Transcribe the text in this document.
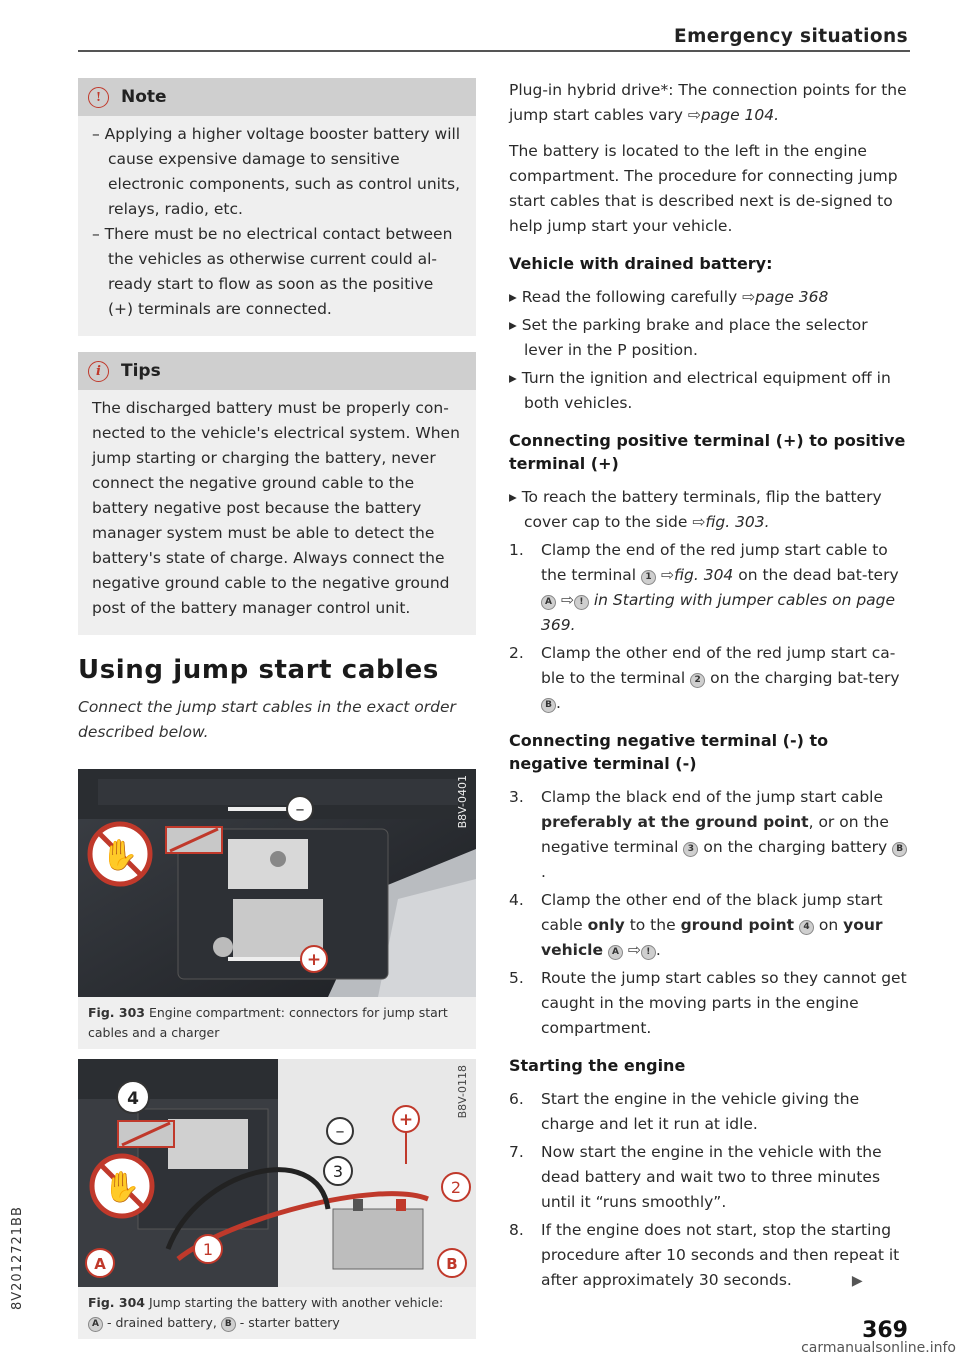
Emergency situations
!	Note
– Applying a higher voltage booster battery will cause expensive damage to sensitive electronic components, such as control units, relays, radio, etc.
– There must be no electrical contact between the vehicles as otherwise current could al-ready start to flow as soon as the positive (+) terminals are connected.
i	Tips
The discharged battery must be properly con-nected to the vehicle's electrical system. When jump starting or charging the battery, never connect the negative ground cable to the battery negative post because the battery manager system must be able to detect the battery's state of charge. Always connect the negative ground cable to the negative ground post of the battery manager control unit.
Using jump start cables
Connect the jump start cables in the exact order described below.
–
+
✋
B8V-0401
Fig. 303 Engine compartment: connectors for jump start cables and a charger
4
✋
–
+
3
2
1
A	B
B8V-0118
Fig. 304 Jump starting the battery with another vehicle:
A - drained battery, B - starter battery
Plug-in hybrid drive*: The connection points for the jump start cables vary ⇨page 104.
The battery is located to the left in the engine compartment. The procedure for connecting jump start cables that is described next is de-signed to help jump start your vehicle.
Vehicle with drained battery:
▸ Read the following carefully ⇨page 368
▸ Set the parking brake and place the selector lever in the P position.
▸ Turn the ignition and electrical equipment off in both vehicles.
Connecting positive terminal (+) to positive terminal (+)
▸ To reach the battery terminals, flip the battery cover cap to the side ⇨fig. 303.
1.	Clamp the end of the red jump start cable to the terminal 1 ⇨fig. 304 on the dead bat-tery A ⇨ ! in Starting with jumper cables on page 369.
2.	Clamp the other end of the red jump start ca-ble to the terminal 2 on the charging bat-tery B .
Connecting negative terminal (-) to negative terminal (-)
3.	Clamp the black end of the jump start cable preferably at the ground point, or on the negative terminal 3 on the charging battery B.
4.	Clamp the other end of the black jump start cable only to the ground point 4 on your vehicle A ⇨ ! .
5.	Route the jump start cables so they cannot get caught in the moving parts in the engine compartment.
Starting the engine
6.	Start the engine in the vehicle giving the charge and let it run at idle.
7.	Now start the engine in the vehicle with the dead battery and wait two to three minutes until it “runs smoothly”.
8.	If the engine does not start, stop the starting procedure after 10 seconds and then repeat it after approximately 30 seconds.	▶
369
8V2012721BB
carmanualsonline.info
